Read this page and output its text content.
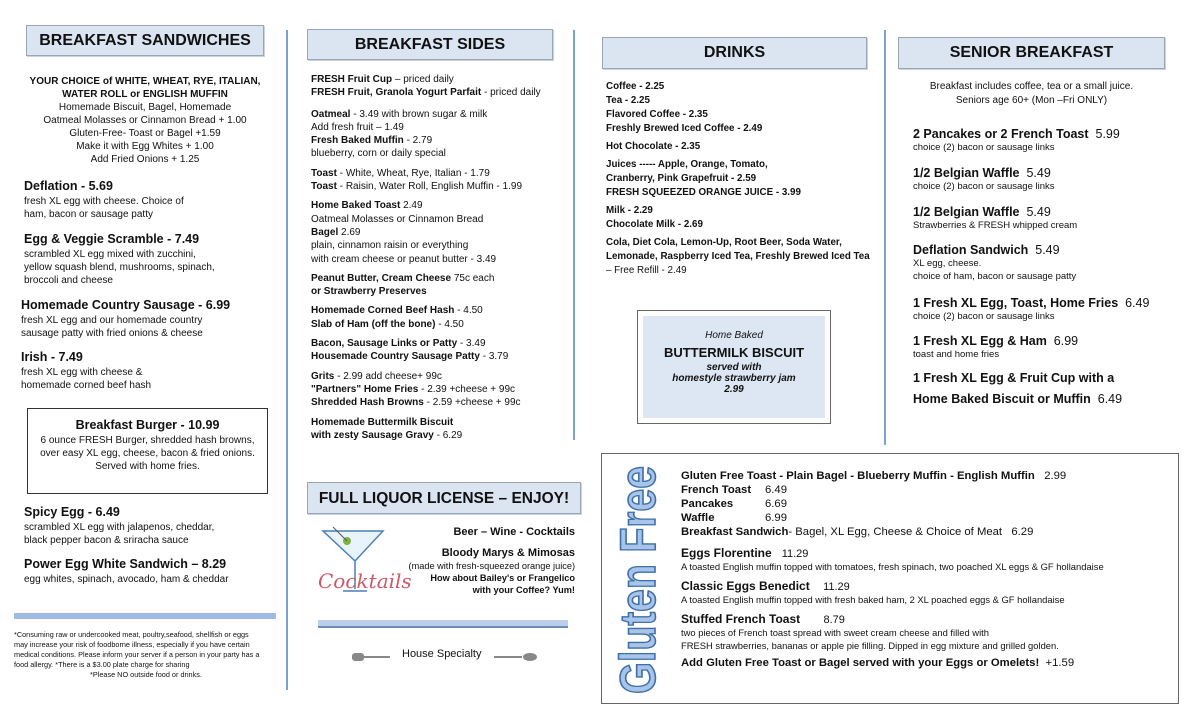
BREAKFAST SANDWICHES
YOUR CHOICE of WHITE, WHEAT, RYE, ITALIAN,
WATER ROLL or ENGLISH MUFFIN
Homemade Biscuit, Bagel, Homemade
Oatmeal Molasses or Cinnamon Bread + 1.00
Gluten-Free- Toast or Bagel +1.59
Make it with Egg Whites + 1.00
Add Fried Onions + 1.25
Deflation - 5.69
fresh XL egg with cheese. Choice of
ham, bacon or sausage patty
Egg & Veggie Scramble - 7.49
scrambled XL egg mixed with zucchini,
yellow squash blend, mushrooms, spinach,
broccoli and cheese
Homemade Country Sausage - 6.99
fresh XL egg and our homemade country
sausage patty with fried onions & cheese
Irish - 7.49
fresh XL egg with cheese &
homemade corned beef hash
Breakfast Burger - 10.99
6 ounce FRESH Burger, shredded hash browns,
over easy XL egg, cheese, bacon & fried onions.
Served with home fries.
Spicy Egg - 6.49
scrambled XL egg with jalapenos, cheddar,
black pepper bacon & sriracha sauce
Power Egg White Sandwich – 8.29
egg whites, spinach, avocado, ham & cheddar
*Consuming raw or undercooked meat, poultry,seafood, shellfish or eggs
may increase your risk of foodborne illness, especially if you have certain
medical conditions. Please inform your server if a person in your party has a
food allergy. *There is a $3.00 plate charge for sharing
*Please NO outside food or drinks.
BREAKFAST SIDES
FRESH Fruit Cup – priced daily
FRESH Fruit, Granola Yogurt Parfait - priced daily
Oatmeal - 3.49 with brown sugar & milk
Add fresh fruit – 1.49
Fresh Baked Muffin - 2.79
blueberry, corn or daily special
Toast - White, Wheat, Rye, Italian - 1.79
Toast - Raisin, Water Roll, English Muffin - 1.99
Home Baked Toast 2.49
Oatmeal Molasses or Cinnamon Bread
Bagel 2.69
plain, cinnamon raisin or everything
with cream cheese or peanut butter - 3.49
Peanut Butter, Cream Cheese 75c each
or Strawberry Preserves
Homemade Corned Beef Hash - 4.50
Slab of Ham (off the bone) - 4.50
Bacon, Sausage Links or Patty - 3.49
Housemade Country Sausage Patty - 3.79
Grits - 2.99 add cheese+ 99c
"Partners" Home Fries - 2.39 +cheese + 99c
Shredded Hash Browns - 2.59 +cheese + 99c
Homemade Buttermilk Biscuit
with zesty Sausage Gravy - 6.29
FULL LIQUOR LICENSE – ENJOY!
Cocktails
Beer – Wine - Cocktails
Bloody Marys & Mimosas
(made with fresh-squeezed orange juice)
How about Bailey's or Frangelico
with your Coffee? Yum!
House Specialty
DRINKS
Coffee - 2.25
Tea - 2.25
Flavored Coffee - 2.35
Freshly Brewed Iced Coffee - 2.49
Hot Chocolate - 2.35
Juices ----- Apple, Orange, Tomato,
Cranberry, Pink Grapefruit - 2.59
FRESH SQUEEZED ORANGE JUICE - 3.99
Milk - 2.29
Chocolate Milk - 2.69
Cola, Diet Cola, Lemon-Up, Root Beer, Soda Water,
Lemonade, Raspberry Iced Tea, Freshly Brewed Iced Tea
– Free Refill - 2.49
Home Baked
BUTTERMILK BISCUIT
served with
homestyle strawberry jam
2.99
SENIOR BREAKFAST
Breakfast includes coffee, tea or a small juice.
Seniors age 60+ (Mon –Fri ONLY)
2 Pancakes or 2 French Toast 5.99
choice (2) bacon or sausage links
1/2 Belgian Waffle 5.49
choice (2) bacon or sausage links
1/2 Belgian Waffle 5.49
Strawberries & FRESH whipped cream
Deflation Sandwich 5.49
XL egg, cheese.
choice of ham, bacon or sausage patty
1 Fresh XL Egg, Toast, Home Fries 6.49
choice (2) bacon or sausage links
1 Fresh XL Egg & Ham 6.99
toast and home fries
1 Fresh XL Egg & Fruit Cup with a
Home Baked Biscuit or Muffin 6.49
Gluten Free Gluten Free Toast - Plain Bagel - Blueberry Muffin - English Muffin 2.99
French Toast 6.49
Pancakes	6.69
Waffle	6.99
Breakfast Sandwich- Bagel, XL Egg, Cheese & Choice of Meat 6.29
Eggs Florentine 11.29
A toasted English muffin topped with tomatoes, fresh spinach, two poached XL eggs & GF hollandaise
Classic Eggs Benedict 11.29
A toasted English muffin topped with fresh baked ham, 2 XL poached eggs & GF hollandaise
Stuffed French Toast 8.79
two pieces of French toast spread with sweet cream cheese and filled with
FRESH strawberries, bananas or apple pie filling. Dipped in egg mixture and grilled golden.
Add Gluten Free Toast or Bagel served with your Eggs or Omelets! +1.59
